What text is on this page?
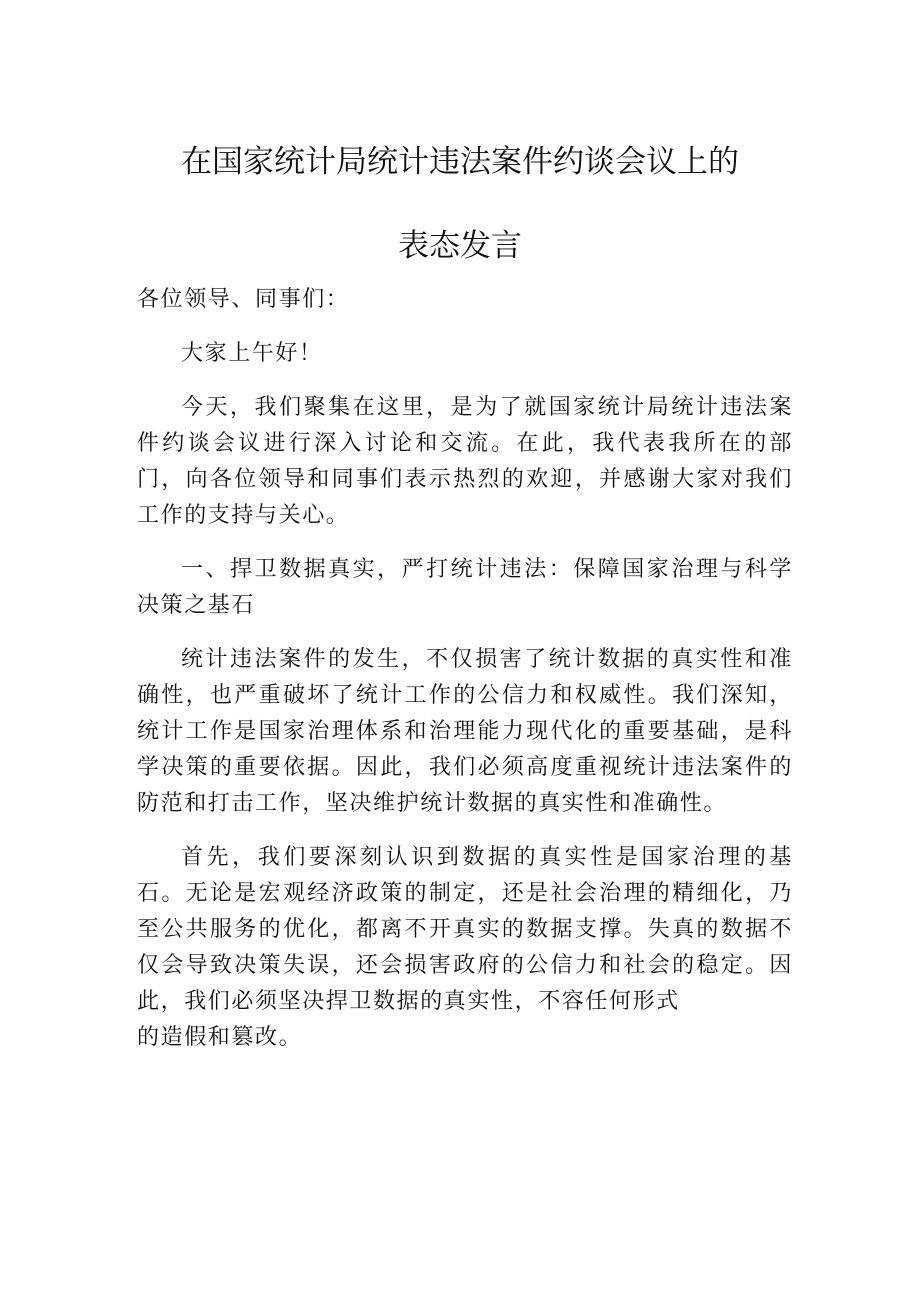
在国家统计局统计违法案件约谈会议上的
表态发言

各位领导、同事们：

大家上午好！

今天，我们聚集在这里，是为了就国家统计局统计违法案件约谈会议进行深入讨论和交流。在此，我代表我所在的部门，向各位领导和同事们表示热烈的欢迎，并感谢大家对我们工作的支持与关心。

一、捍卫数据真实，严打统计违法：保障国家治理与科学决策之基石

统计违法案件的发生，不仅损害了统计数据的真实性和准确性，也严重破坏了统计工作的公信力和权威性。我们深知，统计工作是国家治理体系和治理能力现代化的重要基础，是科学决策的重要依据。因此，我们必须高度重视统计违法案件的防范和打击工作，坚决维护统计数据的真实性和准确性。

首先，我们要深刻认识到数据的真实性是国家治理的基石。无论是宏观经济政策的制定，还是社会治理的精细化，乃至公共服务的优化，都离不开真实的数据支撑。失真的数据不仅会导致决策失误，还会损害政府的公信力和社会的稳定。因此，我们必须坚决捍卫数据的真实性，不容任何形式

的造假和篡改。
